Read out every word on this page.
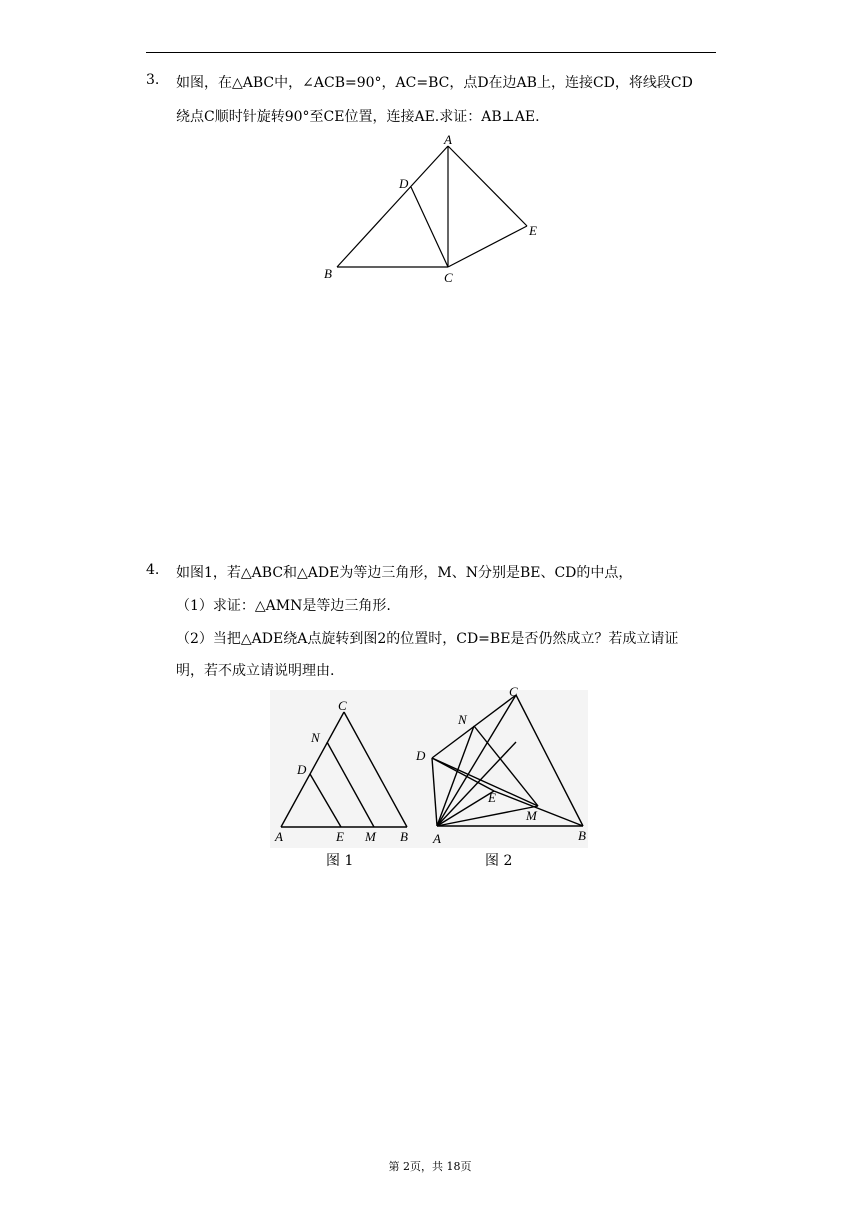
3. 如图，在△ABC中，∠ACB=90°，AC=BC，点D在边AB上，连接CD，将线段CD
绕点C顺时针旋转90°至CE位置，连接AE.求证：AB⊥AE.
A
D
E
B	C
4. 如图1，若△ABC和△ADE为等边三角形，M、N分别是BE、CD的中点，
（1）求证：△AMN是等边三角形.
（2）当把△ADE绕A点旋转到图2的位置时，CD=BE是否仍然成立？若成立请证
明，若不成立请说明理由.
C
N
D
A	E M B
C
N
D
E
M
A	B
图 1	图 2
第 2页，共 18页
